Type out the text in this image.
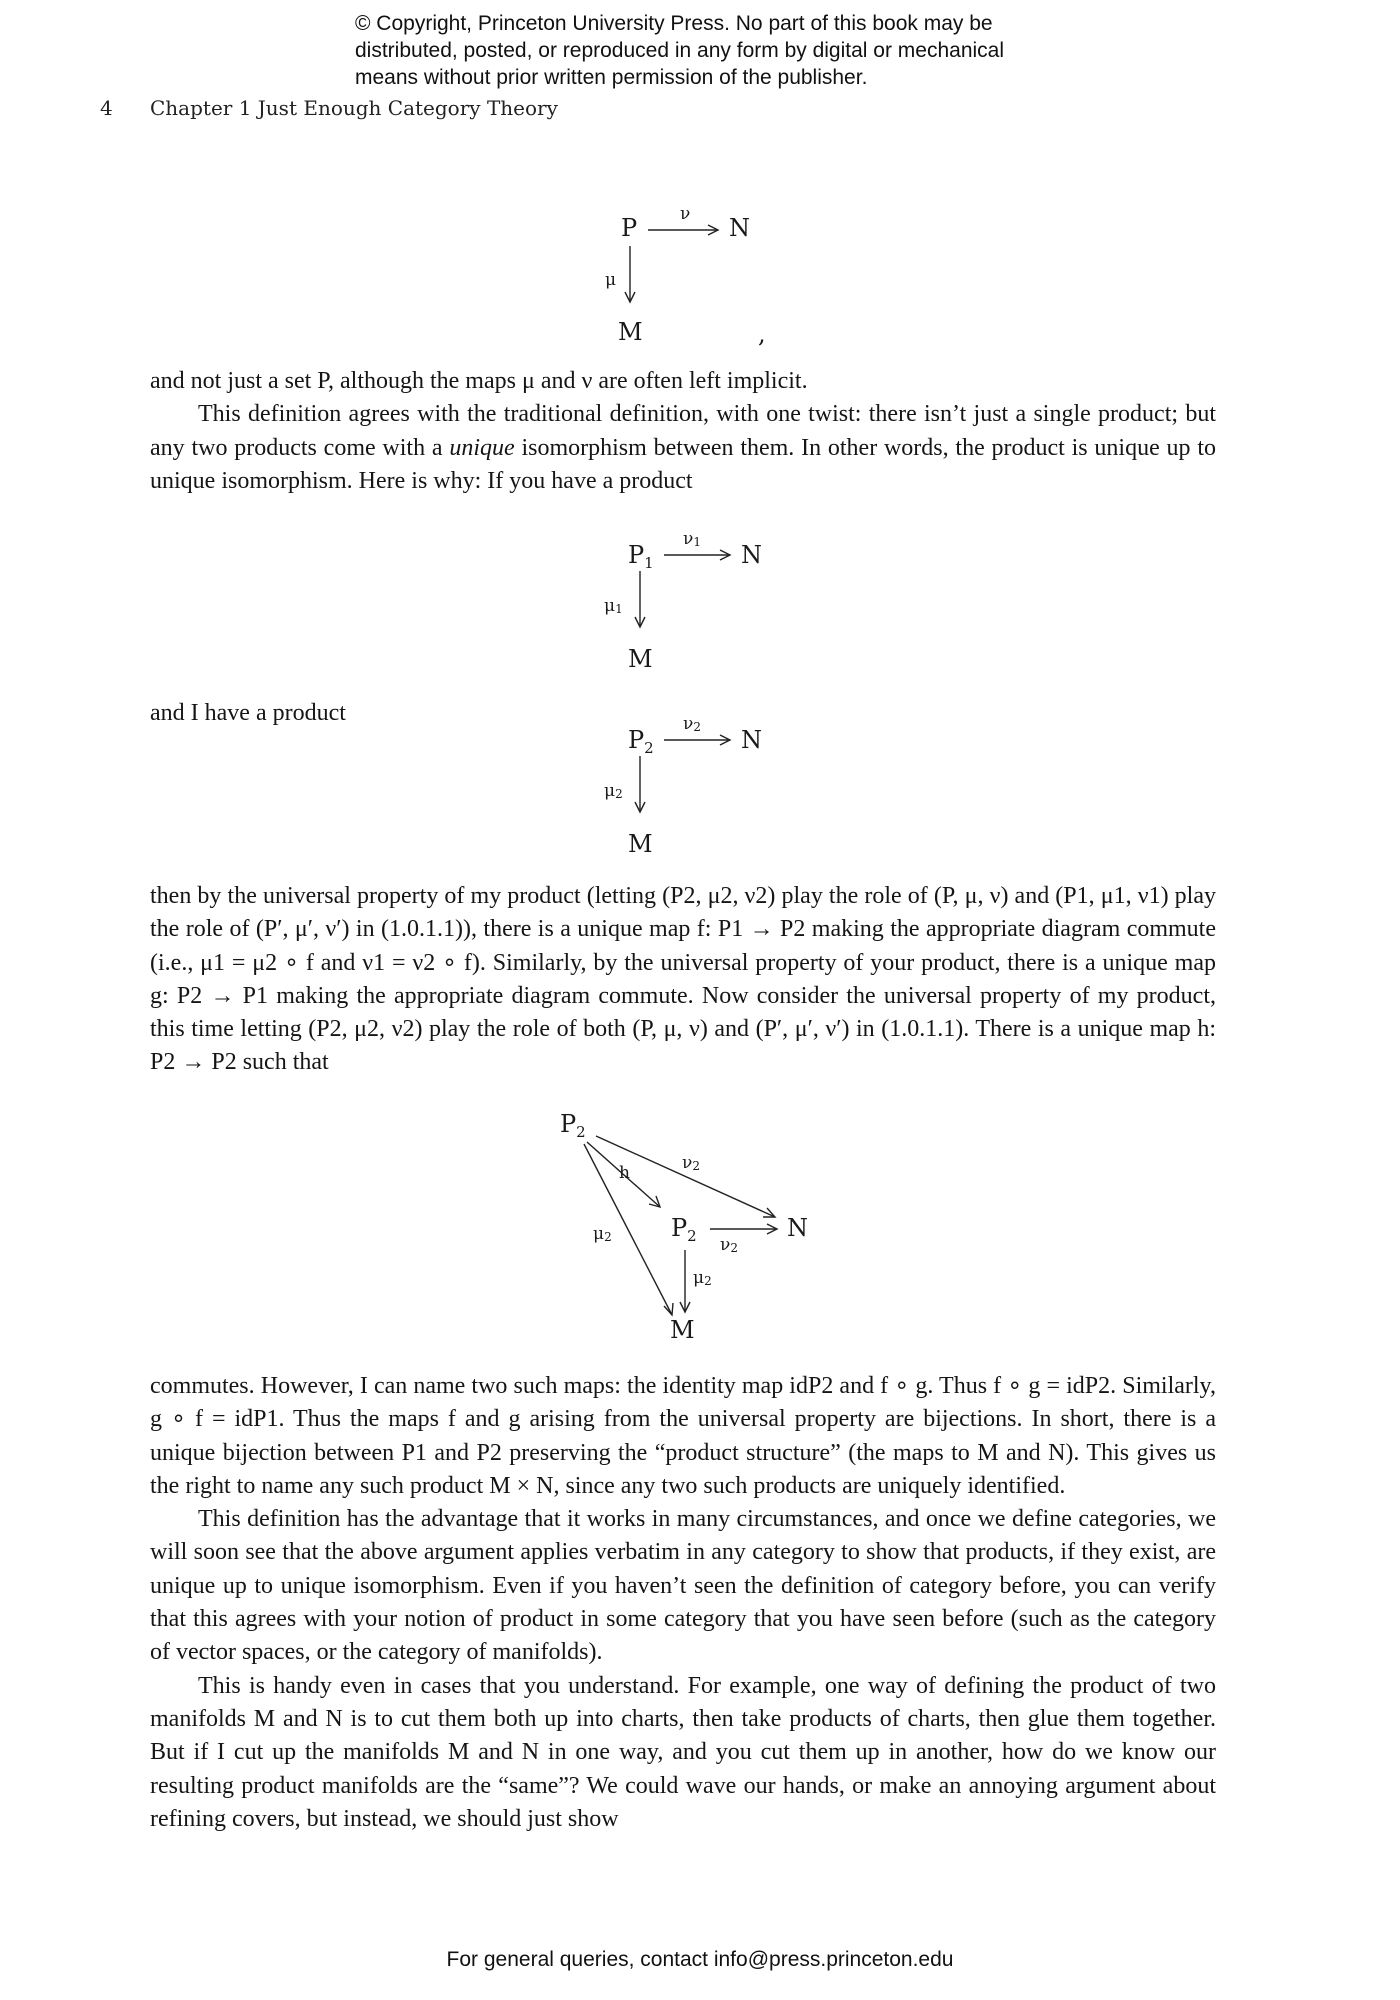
© Copyright, Princeton University Press. No part of this book may be
distributed, posted, or reproduced in any form by digital or mechanical
means without prior written permission of the publisher.
4 Chapter 1 Just Enough Category Theory
P	N
M
ν
μ
,

and not just a set P, although the maps μ and ν are often left implicit.

This definition agrees with the traditional definition, with one twist: there isn’t just a single product; but any two products come with a unique isomorphism between them. In other words, the product is unique up to unique isomorphism. Here is why: If you have a product

$P_1$	N
M
ν1
μ1

and I have a product

$P_2$	N
M
ν2
μ2

then by the universal property of my product (letting (P2, μ2, ν2) play the role of (P, μ, ν) and (P1, μ1, ν1) play the role of (P′, μ′, ν′) in (1.0.1.1)), there is a unique map f: P1 → P2 making the appropriate diagram commute (i.e., μ1 = μ2 ∘ f and ν1 = ν2 ∘ f). Similarly, by the universal property of your product, there is a unique map g: P2 → P1 making the appropriate diagram commute. Now consider the universal property of my product, this time letting (P2, μ2, ν2) play the role of both (P, μ, ν) and (P′, μ′, ν′) in (1.0.1.1). There is a unique map h: P2 → P2 such that

$P_2$
$P_2$	N
M
h	ν2
ν2
μ2
μ2

commutes. However, I can name two such maps: the identity map idP2 and f ∘ g. Thus f ∘ g = idP2. Similarly, g ∘ f = idP1. Thus the maps f and g arising from the universal property are bijections. In short, there is a unique bijection between P1 and P2 preserving the “product structure” (the maps to M and N). This gives us the right to name any such product M × N, since any two such products are uniquely identified.

This definition has the advantage that it works in many circumstances, and once we define categories, we will soon see that the above argument applies verbatim in any category to show that products, if they exist, are unique up to unique isomorphism. Even if you haven’t seen the definition of category before, you can verify that this agrees with your notion of product in some category that you have seen before (such as the category of vector spaces, or the category of manifolds).

This is handy even in cases that you understand. For example, one way of defining the product of two manifolds M and N is to cut them both up into charts, then take products of charts, then glue them together. But if I cut up the manifolds M and N in one way, and you cut them up in another, how do we know our resulting product manifolds are the “same”? We could wave our hands, or make an annoying argument about refining covers, but instead, we should just show

For general queries, contact info@press.princeton.edu
